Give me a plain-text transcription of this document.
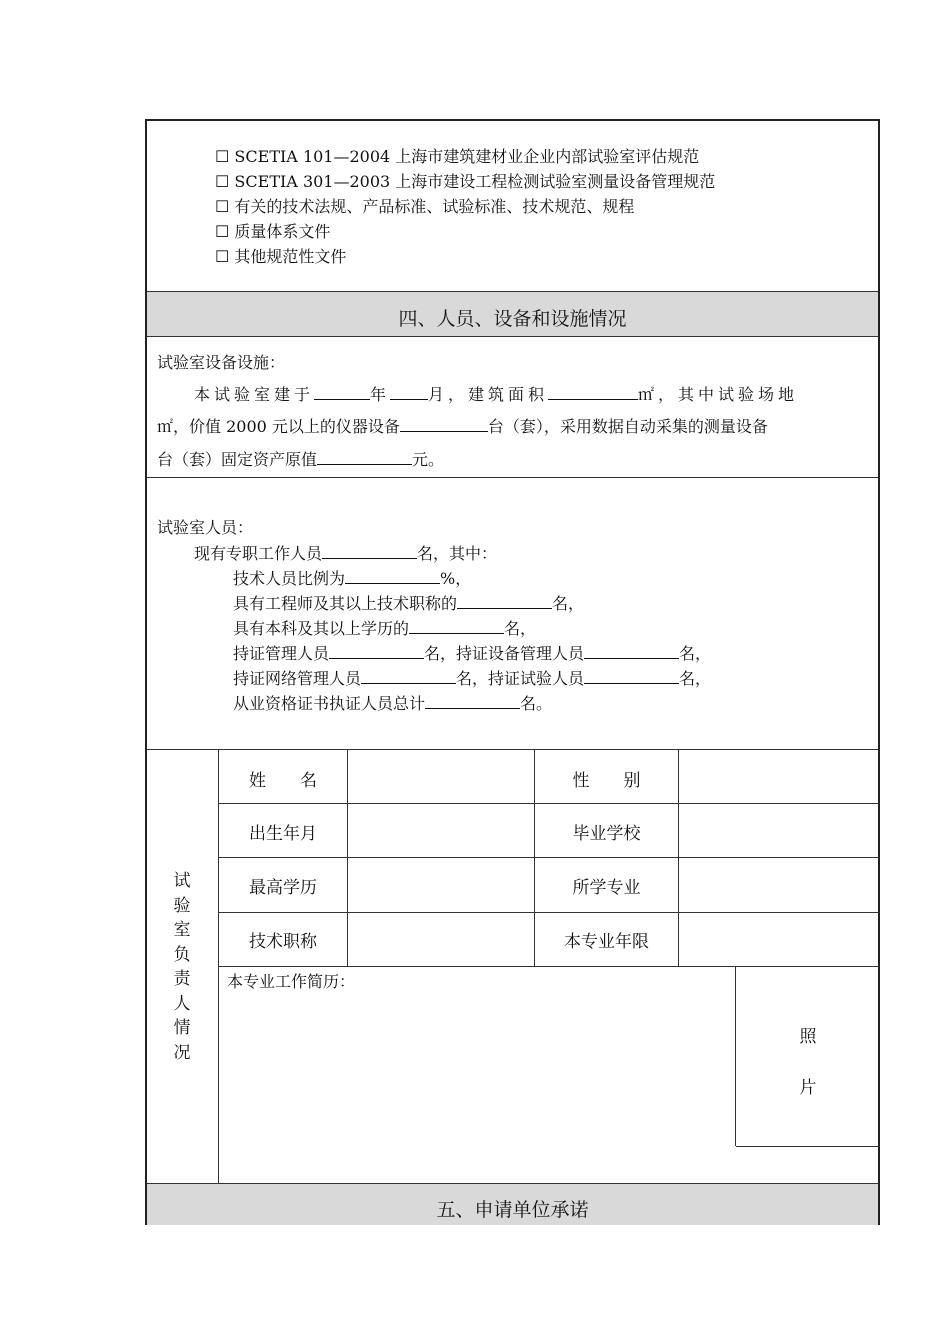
☐ SCETIA 101—2004 上海市建筑建材业企业内部试验室评估规范
☐ SCETIA 301—2003 上海市建设工程检测试验室测量设备管理规范
☐ 有关的技术法规、产品标准、试验标准、技术规范、规程
☐ 质量体系文件
☐ 其他规范性文件
四、人员、设备和设施情况
试验室设备设施：
本试验室建于	年 月，建筑面积	㎡，其中试验场地
㎡，价值 2000 元以上的仪器设备	台（套），采用数据自动采集的测量设备
台（套）固定资产原值	元。
试验室人员：
现有专职工作人员	名，其中：
技术人员比例为	%，
具有工程师及其以上技术职称的	名，
具有本科及其以上学历的	名，
持证管理人员	名，持证设备管理人员	名，
持证网络管理人员	名，持证试验人员	名，
从业资格证书执证人员总计	名。
试
验
室
负
责
人
情
况
姓　　名	性　　别
出生年月	毕业学校
最高学历	所学专业
技术职称	本专业年限
本专业工作简历：
照
片
五、申请单位承诺
